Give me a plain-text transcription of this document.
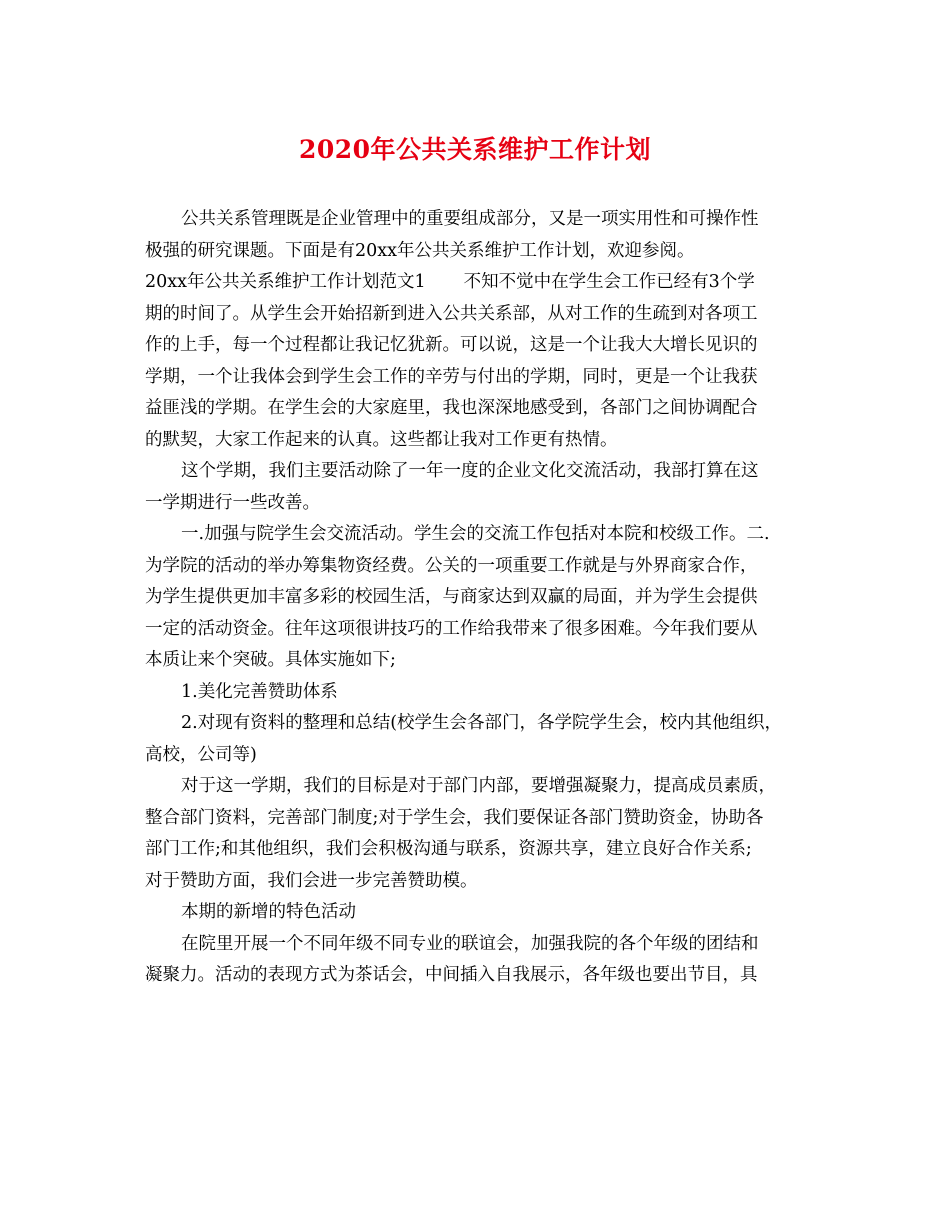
2020年公共关系维护工作计划
公共关系管理既是企业管理中的重要组成部分，又是一项实用性和可操作性
极强的研究课题。下面是有20xx年公共关系维护工作计划，欢迎参阅。
20xx年公共关系维护工作计划范文1 不知不觉中在学生会工作已经有3个学
期的时间了。从学生会开始招新到进入公共关系部，从对工作的生疏到对各项工
作的上手，每一个过程都让我记忆犹新。可以说，这是一个让我大大增长见识的
学期，一个让我体会到学生会工作的辛劳与付出的学期，同时，更是一个让我获
益匪浅的学期。在学生会的大家庭里，我也深深地感受到，各部门之间协调配合
的默契，大家工作起来的认真。这些都让我对工作更有热情。
这个学期，我们主要活动除了一年一度的企业文化交流活动，我部打算在这
一学期进行一些改善。
一.加强与院学生会交流活动。学生会的交流工作包括对本院和校级工作。二.
为学院的活动的举办筹集物资经费。公关的一项重要工作就是与外界商家合作，
为学生提供更加丰富多彩的校园生活，与商家达到双赢的局面，并为学生会提供
一定的活动资金。往年这项很讲技巧的工作给我带来了很多困难。今年我们要从
本质让来个突破。具体实施如下;
1.美化完善赞助体系
2.对现有资料的整理和总结(校学生会各部门，各学院学生会，校内其他组织，
高校，公司等)
对于这一学期，我们的目标是对于部门内部，要增强凝聚力，提高成员素质，
整合部门资料，完善部门制度;对于学生会，我们要保证各部门赞助资金，协助各
部门工作;和其他组织，我们会积极沟通与联系，资源共享，建立良好合作关系;
对于赞助方面，我们会进一步完善赞助模。
本期的新增的特色活动
在院里开展一个不同年级不同专业的联谊会，加强我院的各个年级的团结和
凝聚力。活动的表现方式为茶话会，中间插入自我展示，各年级也要出节目，具
